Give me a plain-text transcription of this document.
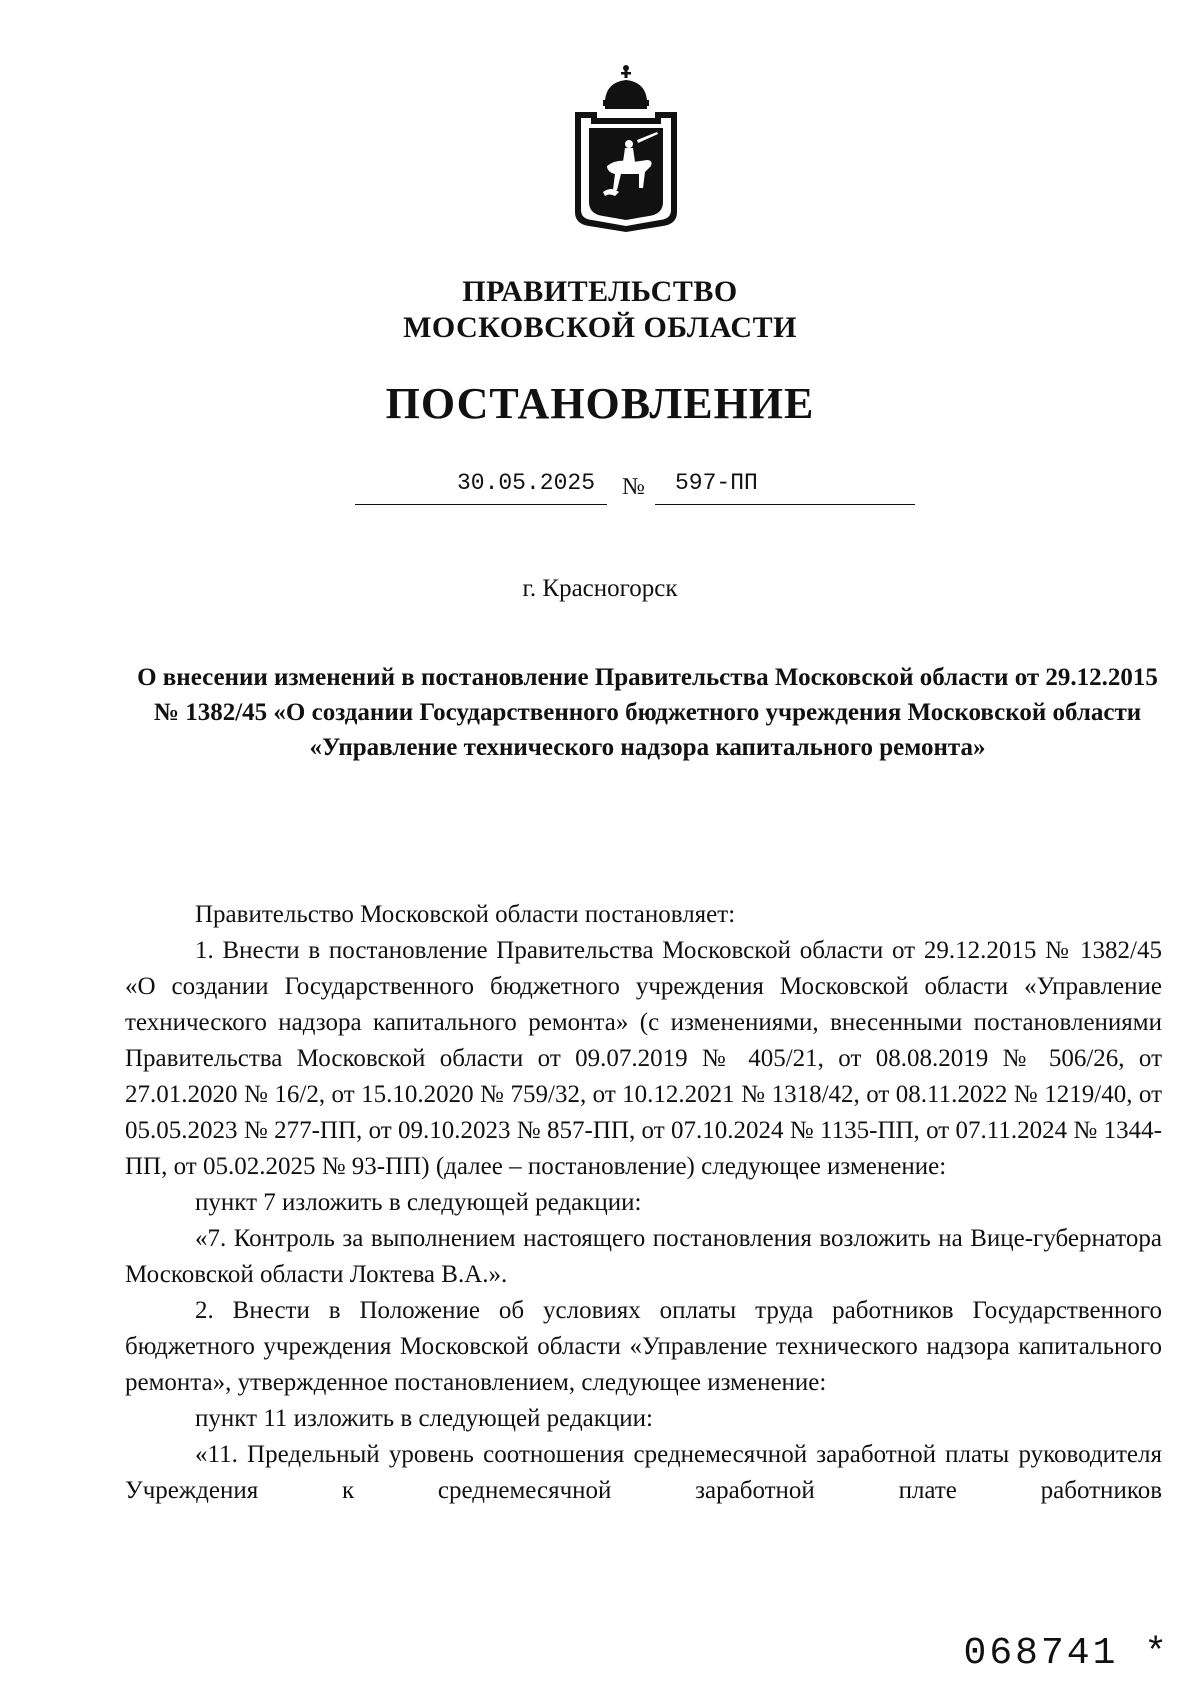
ПРАВИТЕЛЬСТВО
МОСКОВСКОЙ ОБЛАСТИ
ПОСТАНОВЛЕНИЕ
30.05.2025	№ 597-ПП
г. Красногорск
О внесении изменений в постановление Правительства Московской области от 29.12.2015 № 1382/45 «О создании Государственного бюджетного учреждения Московской области «Управление технического надзора капитального ремонта»

Правительство Московской области постановляет:

1. Внести в постановление Правительства Московской области от 29.12.2015 № 1382/45 «О создании Государственного бюджетного учреждения Московской области «Управление технического надзора капитального ремонта» (с изменениями, внесенными постановлениями Правительства Московской области от 09.07.2019 № 405/21, от 08.08.2019 № 506/26, от 27.01.2020 № 16/2, от 15.10.2020 № 759/32, от 10.12.2021 № 1318/42, от 08.11.2022 № 1219/40, от 05.05.2023 № 277-ПП, от 09.10.2023 № 857-ПП, от 07.10.2024 № 1135-ПП, от 07.11.2024 № 1344-ПП, от 05.02.2025 № 93-ПП) (далее – постановление) следующее изменение:

пункт 7 изложить в следующей редакции:

«7. Контроль за выполнением настоящего постановления возложить на Вице-губернатора Московской области Локтева В.А.».

2. Внести в Положение об условиях оплаты труда работников Государственного бюджетного учреждения Московской области «Управление технического надзора капитального ремонта», утвержденное постановлением, следующее изменение:

пункт 11 изложить в следующей редакции:

«11. Предельный уровень соотношения среднемесячной заработной платы руководителя Учреждения к среднемесячной заработной плате работников

068741 *
